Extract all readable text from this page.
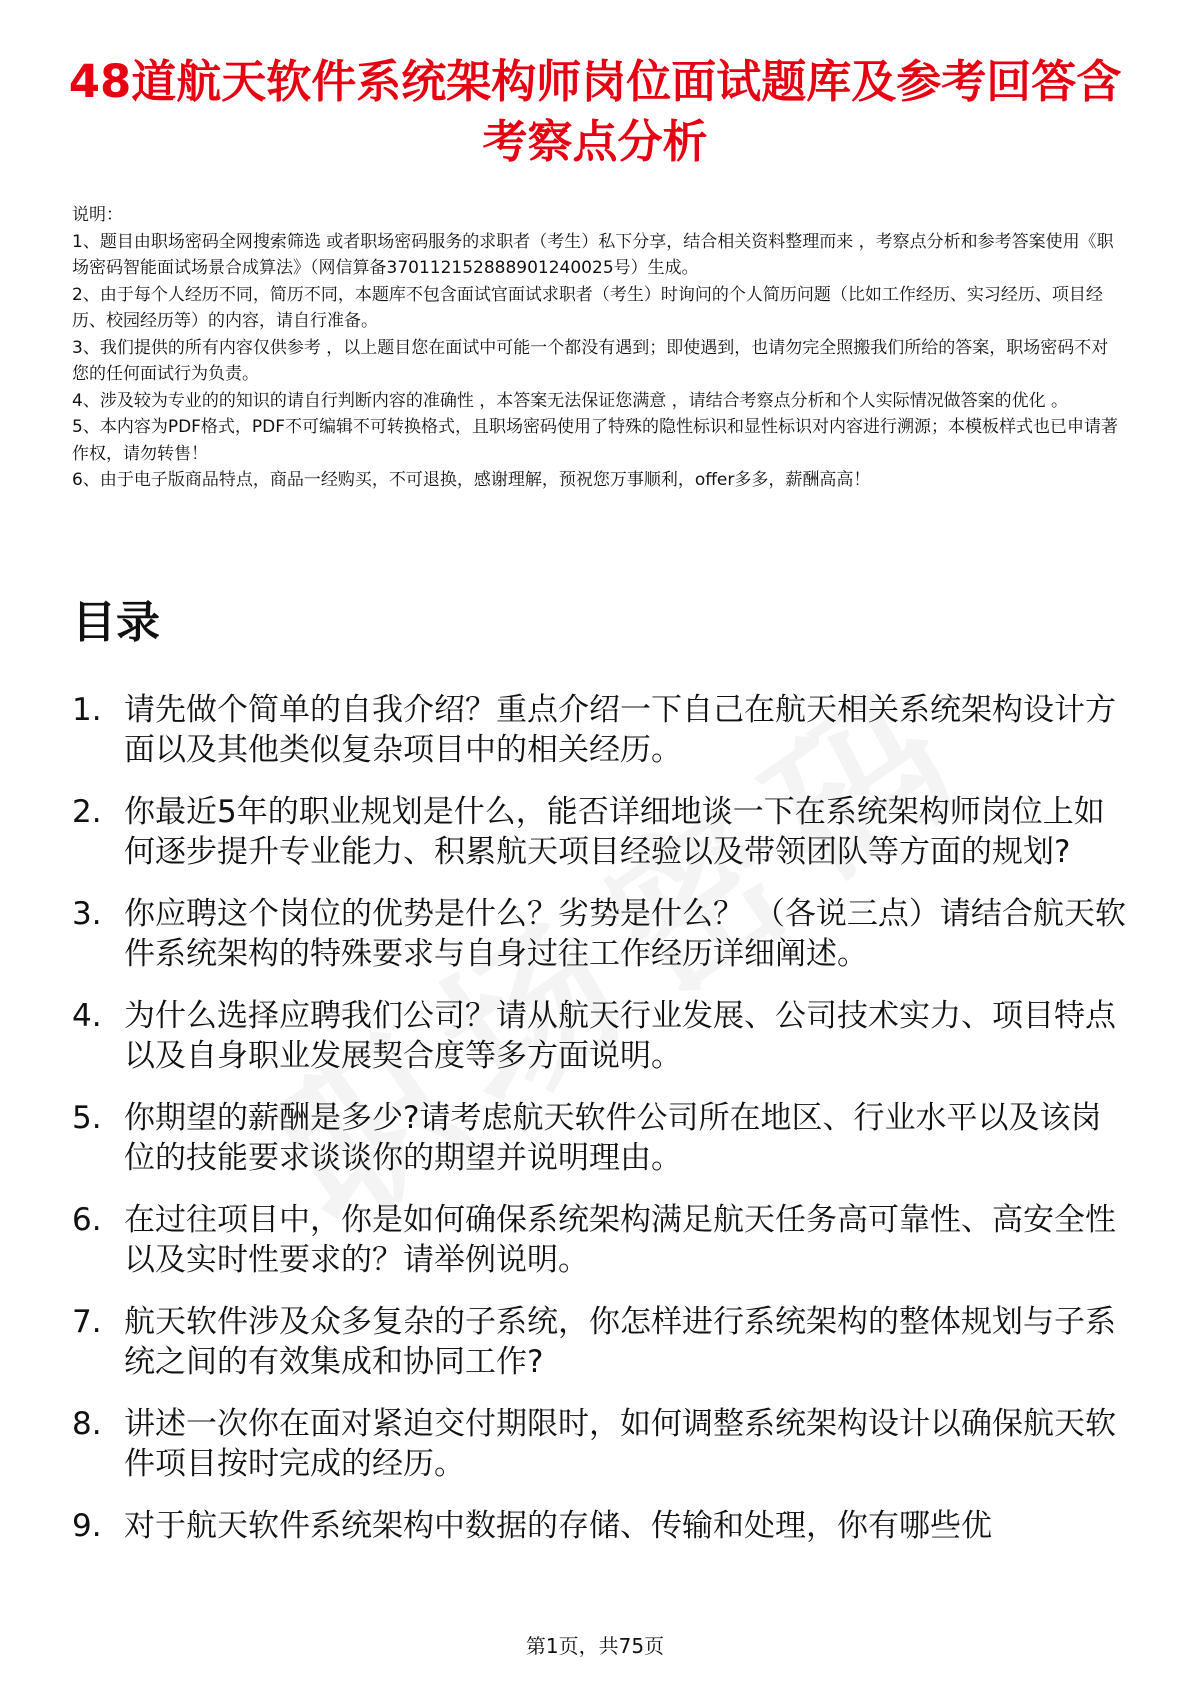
48道航天软件系统架构师岗位面试题库及参考回答含考察点分析
说明：
1、题目由职场密码全网搜索筛选 或者职场密码服务的求职者（考生）私下分享，结合相关资料整理而来 ，考察点分析和参考答案使用《职场密码智能面试场景合成算法》（网信算备370112152888901240025号）生成。
2、由于每个人经历不同，简历不同，本题库不包含面试官面试求职者（考生）时询问的个人简历问题（比如工作经历、实习经历、项目经历、校园经历等）的内容，请自行准备。
3、我们提供的所有内容仅供参考 ，以上题目您在面试中可能一个都没有遇到；即使遇到，也请勿完全照搬我们所给的答案，职场密码不对您的任何面试行为负责。
4、涉及较为专业的的知识的请自行判断内容的准确性 ，本答案无法保证您满意 ，请结合考察点分析和个人实际情况做答案的优化 。
5、本内容为PDF格式，PDF不可编辑不可转换格式，且职场密码使用了特殊的隐性标识和显性标识对内容进行溯源；本模板样式也已申请著作权，请勿转售！
6、由于电子版商品特点，商品一经购买，不可退换，感谢理解，预祝您万事顺利，offer多多，薪酬高高！
目录
1. 请先做个简单的自我介绍？重点介绍一下自己在航天相关系统架构设计方面以及其他类似复杂项目中的相关经历。
2. 你最近5年的职业规划是什么，能否详细地谈一下在系统架构师岗位上如何逐步提升专业能力、积累航天项目经验以及带领团队等方面的规划?
3. 你应聘这个岗位的优势是什么？劣势是什么？ （各说三点）请结合航天软件系统架构的特殊要求与自身过往工作经历详细阐述。
4. 为什么选择应聘我们公司？请从航天行业发展、公司技术实力、项目特点以及自身职业发展契合度等多方面说明。
5. 你期望的薪酬是多少?请考虑航天软件公司所在地区、行业水平以及该岗位的技能要求谈谈你的期望并说明理由。
6. 在过往项目中，你是如何确保系统架构满足航天任务高可靠性、高安全性以及实时性要求的？请举例说明。
7. 航天软件涉及众多复杂的子系统，你怎样进行系统架构的整体规划与子系统之间的有效集成和协同工作?
8. 讲述一次你在面对紧迫交付期限时，如何调整系统架构设计以确保航天软件项目按时完成的经历。
9. 对于航天软件系统架构中数据的存储、传输和处理，你有哪些优
第1页，共75页
